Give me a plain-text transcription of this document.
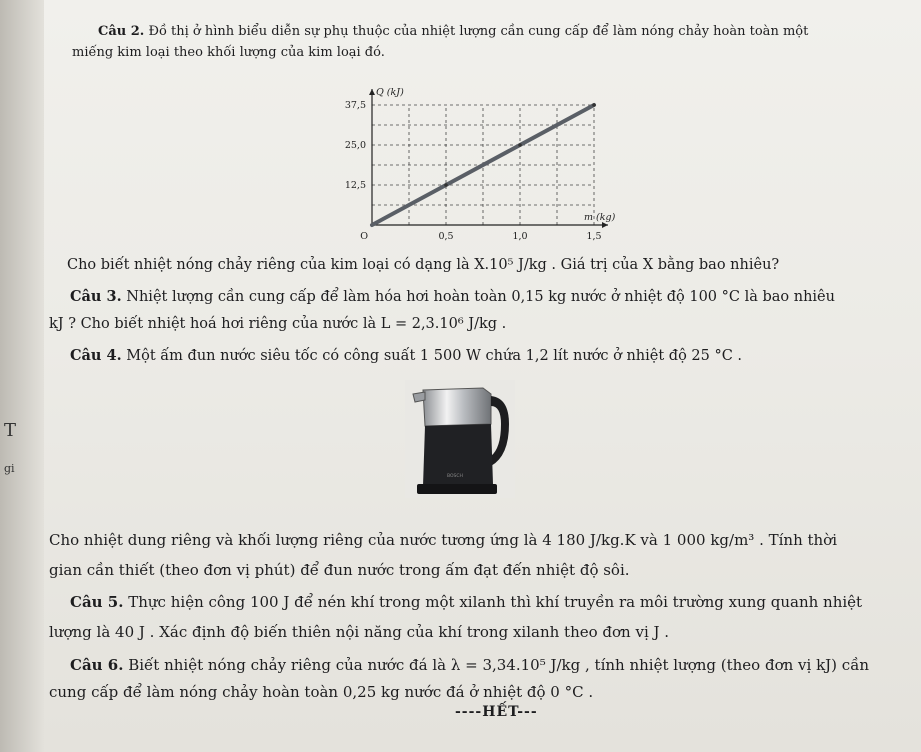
T
gi
Câu 2. Đồ thị ở hình biểu diễn sự phụ thuộc của nhiệt lượng cần cung cấp để làm nóng chảy hoàn toàn một
miếng kim loại theo khối lượng của kim loại đó.
0,5	1,0	1,5
12,5
25,0
37,5
O
m (kg)
Q (kJ)
Cho biết nhiệt nóng chảy riêng của kim loại có dạng là X.10⁵ J/kg . Giá trị của X bằng bao nhiêu?
Câu 3. Nhiệt lượng cần cung cấp để làm hóa hơi hoàn toàn 0,15 kg nước ở nhiệt độ 100 °C là bao nhiêu
kJ ? Cho biết nhiệt hoá hơi riêng của nước là L = 2,3.10⁶ J/kg .
Câu 4. Một ấm đun nước siêu tốc có công suất 1 500 W chứa 1,2 lít nước ở nhiệt độ 25 °C .
BOSCH
Cho nhiệt dung riêng và khối lượng riêng của nước tương ứng là 4 180 J/kg.K và 1 000 kg/m³ . Tính thời
gian cần thiết (theo đơn vị phút) để đun nước trong ấm đạt đến nhiệt độ sôi.
Câu 5. Thực hiện công 100 J để nén khí trong một xilanh thì khí truyền ra môi trường xung quanh nhiệt
lượng là 40 J . Xác định độ biến thiên nội năng của khí trong xilanh theo đơn vị J .
Câu 6. Biết nhiệt nóng chảy riêng của nước đá là λ = 3,34.10⁵ J/kg , tính nhiệt lượng (theo đơn vị kJ) cần
cung cấp để làm nóng chảy hoàn toàn 0,25 kg nước đá ở nhiệt độ 0 °C .
----HẾT---
